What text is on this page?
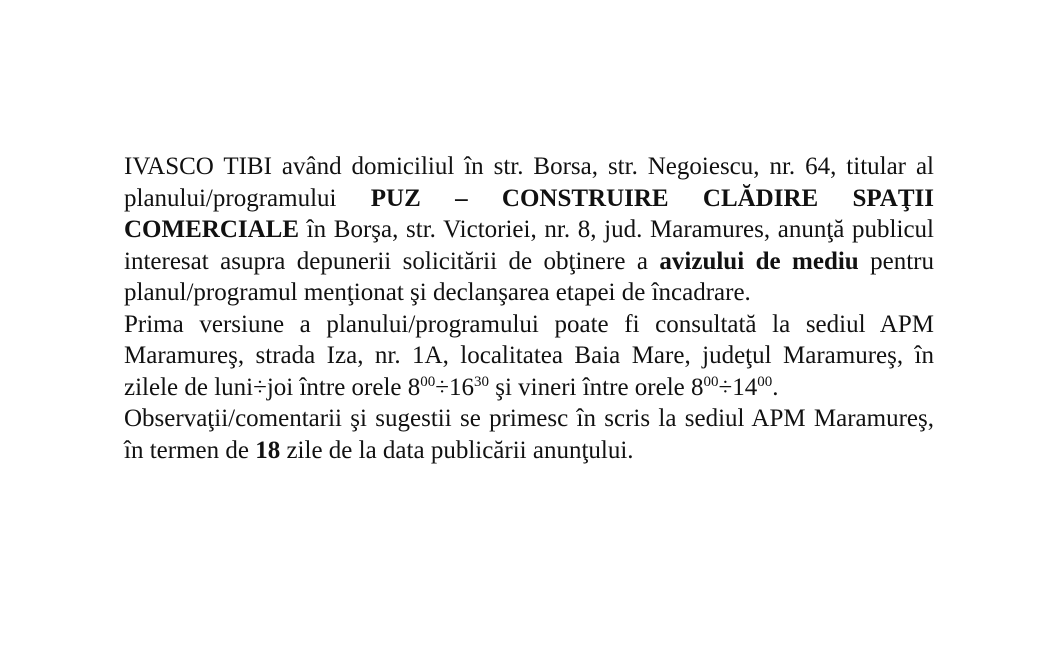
IVASCO TIBI având domiciliul în str. Borsa, str. Negoiescu, nr. 64, titular al planului/programului PUZ – CONSTRUIRE CLĂDIRE SPAŢII COMERCIALE în Borşa, str. Victoriei, nr. 8, jud. Maramures, anunţă publicul interesat asupra depunerii solicitării de obţinere a avizului de mediu pentru planul/programul menţionat şi declanşarea etapei de încadrare.

Prima versiune a planului/programului poate fi consultată la sediul APM Maramureş, strada Iza, nr. 1A, localitatea Baia Mare, judeţul Maramureş, în zilele de luni÷joi între orele $8^{00}\div 16^{30}$ şi vineri între orele $8^{00}\div 14^{00}$.

Observaţii/comentarii şi sugestii se primesc în scris la sediul APM Maramureş, în termen de 18 zile de la data publicării anunţului.
